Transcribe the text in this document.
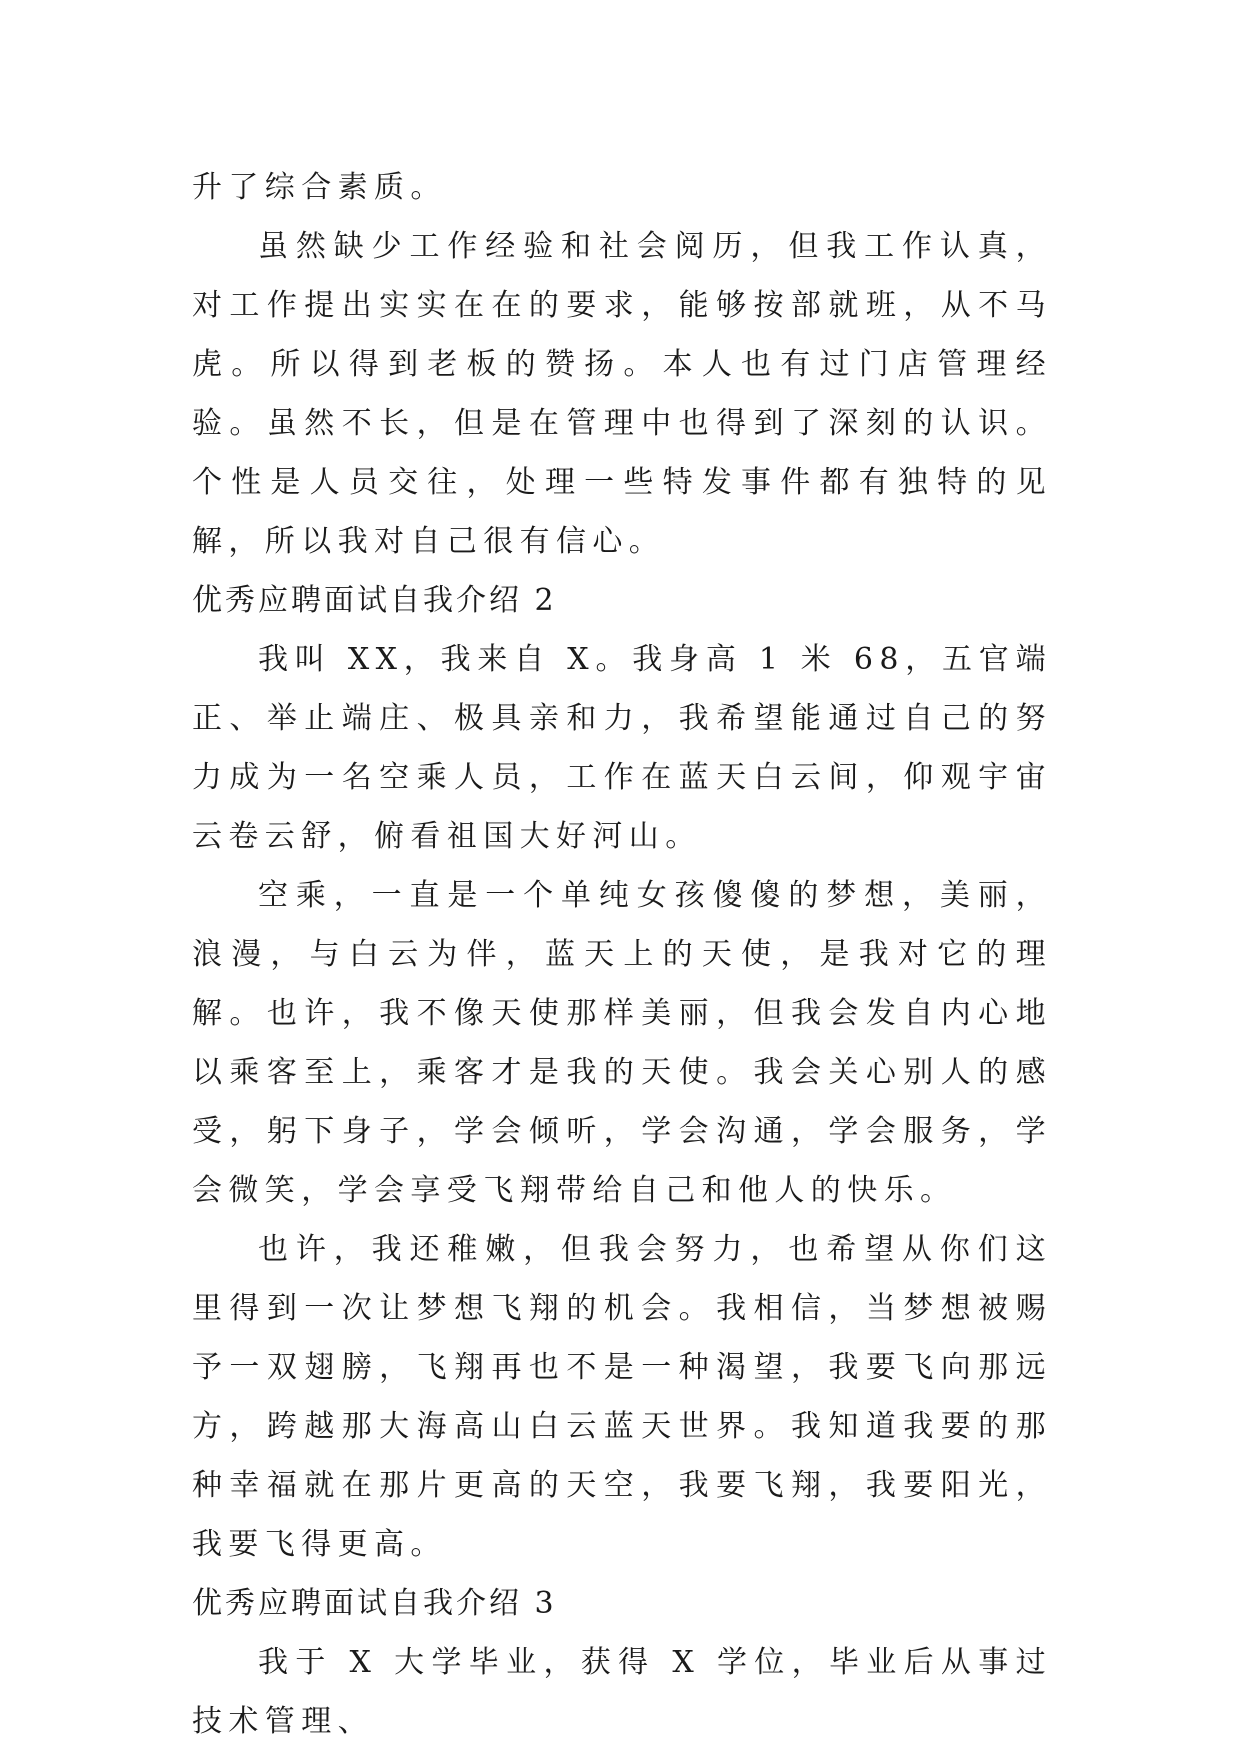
升了综合素质。

虽然缺少工作经验和社会阅历，但我工作认真，对工作提出实实在在的要求，能够按部就班，从不马虎。所以得到老板的赞扬。本人也有过门店管理经验。虽然不长，但是在管理中也得到了深刻的认识。个性是人员交往，处理一些特发事件都有独特的见解，所以我对自己很有信心。

优秀应聘面试自我介绍 2

我叫 XX，我来自 X。我身高 1 米 68，五官端正、举止端庄、极具亲和力，我希望能通过自己的努力成为一名空乘人员，工作在蓝天白云间，仰观宇宙云卷云舒，俯看祖国大好河山。

空乘，一直是一个单纯女孩傻傻的梦想，美丽，浪漫，与白云为伴，蓝天上的天使，是我对它的理解。也许，我不像天使那样美丽，但我会发自内心地以乘客至上，乘客才是我的天使。我会关心别人的感受，躬下身子，学会倾听，学会沟通，学会服务，学会微笑，学会享受飞翔带给自己和他人的快乐。

也许，我还稚嫩，但我会努力，也希望从你们这里得到一次让梦想飞翔的机会。我相信，当梦想被赐予一双翅膀，飞翔再也不是一种渴望，我要飞向那远方，跨越那大海高山白云蓝天世界。我知道我要的那种幸福就在那片更高的天空，我要飞翔，我要阳光，我要飞得更高。

优秀应聘面试自我介绍 3

我于 X 大学毕业，获得 X 学位，毕业后从事过技术管理、
